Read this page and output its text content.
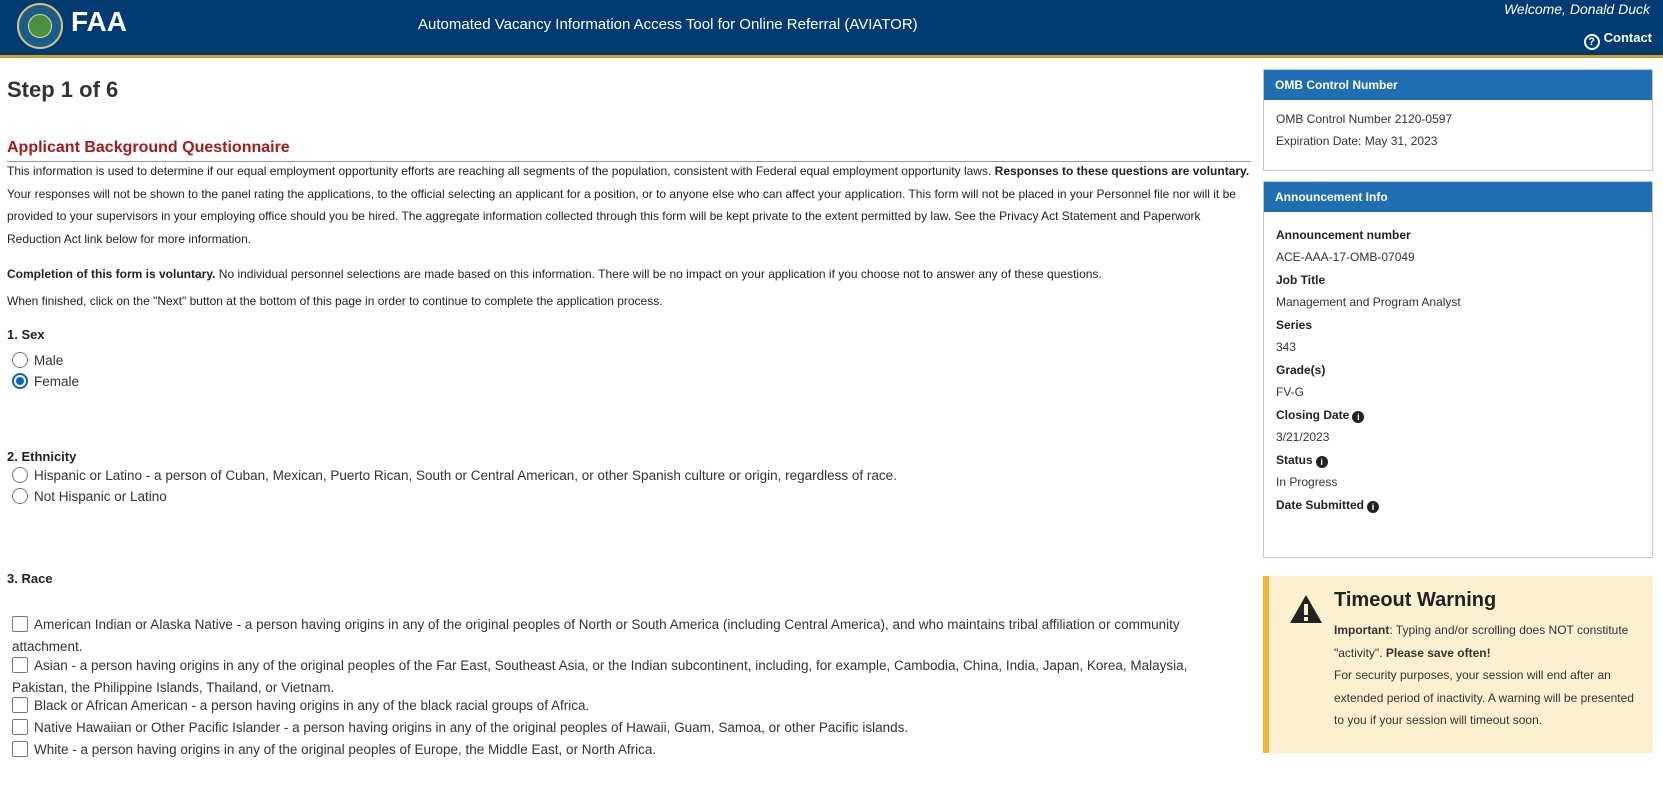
FAA	Automated Vacancy Information Access Tool for Online Referral (AVIATOR)
Welcome, Donald Duck
? Contact
Step 1 of 6
Applicant Background Questionnaire
This information is used to determine if our equal employment opportunity efforts are reaching all segments of the population, consistent with Federal equal employment opportunity laws. Responses to these questions are voluntary. Your responses will not be shown to the panel rating the applications, to the official selecting an applicant for a position, or to anyone else who can affect your application. This form will not be placed in your Personnel file nor will it be provided to your supervisors in your employing office should you be hired. The aggregate information collected through this form will be kept private to the extent permitted by law. See the Privacy Act Statement and Paperwork Reduction Act link below for more information.
Completion of this form is voluntary. No individual personnel selections are made based on this information. There will be no impact on your application if you choose not to answer any of these questions.
When finished, click on the "Next" button at the bottom of this page in order to continue to complete the application process.
1. Sex
Male
Female
2. Ethnicity
Hispanic or Latino - a person of Cuban, Mexican, Puerto Rican, South or Central American, or other Spanish culture or origin, regardless of race.
Not Hispanic or Latino
3. Race
American Indian or Alaska Native - a person having origins in any of the original peoples of North or South America (including Central America), and who maintains tribal affiliation or community attachment.
Asian - a person having origins in any of the original peoples of the Far East, Southeast Asia, or the Indian subcontinent, including, for example, Cambodia, China, India, Japan, Korea, Malaysia, Pakistan, the Philippine Islands, Thailand, or Vietnam.
Black or African American - a person having origins in any of the black racial groups of Africa.
Native Hawaiian or Other Pacific Islander - a person having origins in any of the original peoples of Hawaii, Guam, Samoa, or other Pacific islands.
White - a person having origins in any of the original peoples of Europe, the Middle East, or North Africa.
OMB Control Number
OMB Control Number 2120-0597
Expiration Date: May 31, 2023
Announcement Info
Announcement number
ACE-AAA-17-OMB-07049
Job Title
Management and Program Analyst
Series
343
Grade(s)
FV-G
Closing Date i
3/21/2023
Status i
In Progress
Date Submitted i
Timeout Warning
Important: Typing and/or scrolling does NOT constitute "activity". Please save often!
For security purposes, your session will end after an extended period of inactivity. A warning will be presented to you if your session will timeout soon.
